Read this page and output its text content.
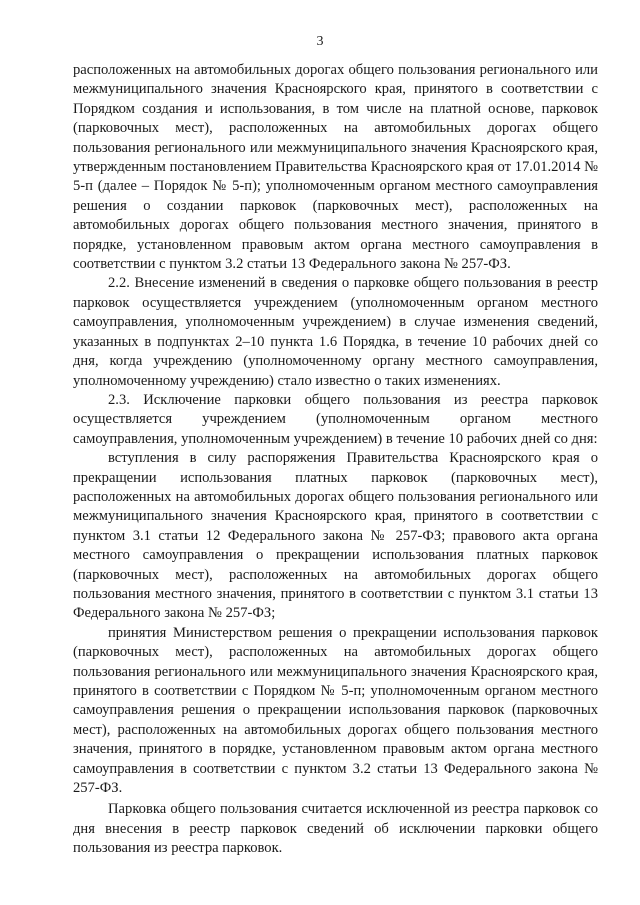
3

расположенных на автомобильных дорогах общего пользования регионального или межмуниципального значения Красноярского края, принятого в соответствии с Порядком создания и использования, в том числе на платной основе, парковок (парковочных мест), расположенных на автомобильных дорогах общего пользования регионального или межмуниципального значения Красноярского края, утвержденным постановлением Правительства Красноярского края от 17.01.2014 № 5-п (далее – Порядок № 5-п); уполномоченным органом местного самоуправления решения о создании парковок (парковочных мест), расположенных на автомобильных дорогах общего пользования местного значения, принятого в порядке, установленном правовым актом органа местного самоуправления в соответствии с пунктом 3.2 статьи 13 Федерального закона № 257-ФЗ.

2.2. Внесение изменений в сведения о парковке общего пользования в реестр парковок осуществляется учреждением (уполномоченным органом местного самоуправления, уполномоченным учреждением) в случае изменения сведений, указанных в подпунктах 2–10 пункта 1.6 Порядка, в течение 10 рабочих дней со дня, когда учреждению (уполномоченному органу местного самоуправления, уполномоченному учреждению) стало известно о таких изменениях.

2.3. Исключение парковки общего пользования из реестра парковок осуществляется учреждением (уполномоченным органом местного самоуправления, уполномоченным учреждением) в течение 10 рабочих дней со дня:

вступления в силу распоряжения Правительства Красноярского края о прекращении использования платных парковок (парковочных мест), расположенных на автомобильных дорогах общего пользования регионального или межмуниципального значения Красноярского края, принятого в соответствии с пунктом 3.1 статьи 12 Федерального закона № 257-ФЗ; правового акта органа местного самоуправления о прекращении использования платных парковок (парковочных мест), расположенных на автомобильных дорогах общего пользования местного значения, принятого в соответствии с пунктом 3.1 статьи 13 Федерального закона № 257-ФЗ;

принятия Министерством решения о прекращении использования парковок (парковочных мест), расположенных на автомобильных дорогах общего пользования регионального или межмуниципального значения Красноярского края, принятого в соответствии с Порядком № 5-п; уполномоченным органом местного самоуправления решения о прекращении использования парковок (парковочных мест), расположенных на автомобильных дорогах общего пользования местного значения, принятого в порядке, установленном правовым актом органа местного самоуправления в соответствии с пунктом 3.2 статьи 13 Федерального закона № 257-ФЗ.

Парковка общего пользования считается исключенной из реестра парковок со дня внесения в реестр парковок сведений об исключении парковки общего пользования из реестра парковок.
